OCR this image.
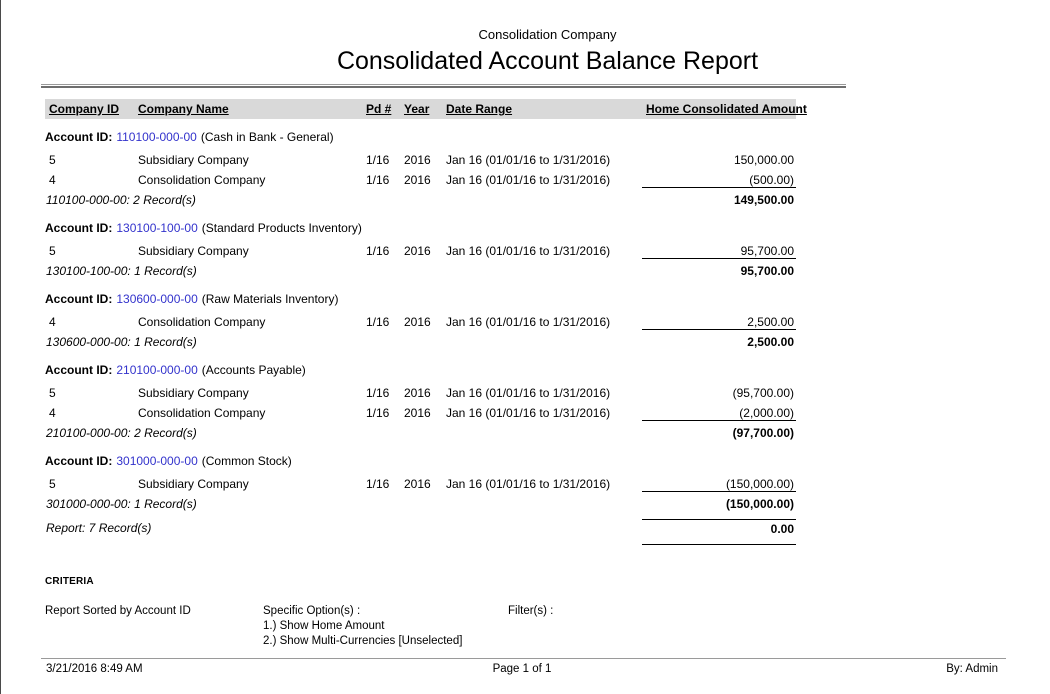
Consolidation Company
Consolidated Account Balance Report
Company ID	Company Name	Pd #	Year	Date Range	Home Consolidated Amount
Account ID: 110100-000-00 (Cash in Bank - General)
5	Subsidiary Company	1/16	2016	Jan 16 (01/01/16 to 1/31/2016)	150,000.00
4	Consolidation Company	1/16	2016	Jan 16 (01/01/16 to 1/31/2016)	(500.00)
110100-000-00: 2 Record(s)	149,500.00
Account ID: 130100-100-00 (Standard Products Inventory)
5	Subsidiary Company	1/16	2016	Jan 16 (01/01/16 to 1/31/2016)	95,700.00
130100-100-00: 1 Record(s)	95,700.00
Account ID: 130600-000-00 (Raw Materials Inventory)
4	Consolidation Company	1/16	2016	Jan 16 (01/01/16 to 1/31/2016)	2,500.00
130600-000-00: 1 Record(s)	2,500.00
Account ID: 210100-000-00 (Accounts Payable)
5	Subsidiary Company	1/16	2016	Jan 16 (01/01/16 to 1/31/2016)	(95,700.00)
4	Consolidation Company	1/16	2016	Jan 16 (01/01/16 to 1/31/2016)	(2,000.00)
210100-000-00: 2 Record(s)	(97,700.00)
Account ID: 301000-000-00 (Common Stock)
5	Subsidiary Company	1/16	2016	Jan 16 (01/01/16 to 1/31/2016)	(150,000.00)
301000-000-00: 1 Record(s)	(150,000.00)
Report: 7 Record(s)	0.00
CRITERIA
Report Sorted by Account ID	Specific Option(s) :
1.) Show Home Amount
2.) Show Multi-Currencies [Unselected]
Filter(s) :
3/21/2016 8:49 AM	Page 1 of 1	By: Admin
